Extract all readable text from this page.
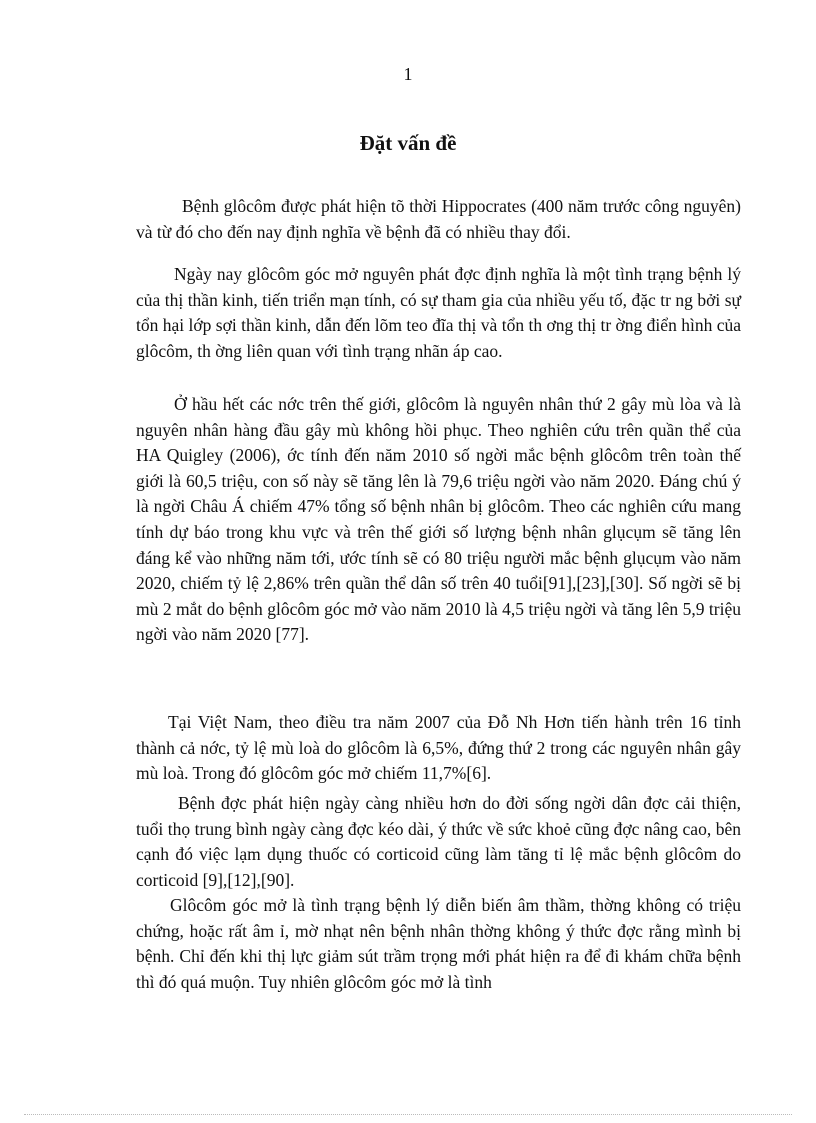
1
Đặt vấn đề

Bệnh glôcôm được phát hiện tõ thời Hippocrates (400 năm trước công nguyên) và từ đó cho đến nay định nghĩa về bệnh đã có nhiều thay đổi.

Ngày nay glôcôm góc mở nguyên phát đợc định nghĩa là một tình trạng bệnh lý của thị thần kinh, tiến triển mạn tính, có sự tham gia của nhiều yếu tố, đặc tr ng bởi sự tổn hại lớp sợi thần kinh, dẫn đến lõm teo đĩa thị và tổn th ơng thị tr ờng điển hình của glôcôm, th ờng liên quan với tình trạng nhãn áp cao.

Ở hầu hết các nớc trên thế giới, glôcôm là nguyên nhân thứ 2 gây mù lòa và là nguyên nhân hàng đầu gây mù không hồi phục. Theo nghiên cứu trên quần thể của HA Quigley (2006), ớc tính đến năm 2010 số ngời mắc bệnh glôcôm trên toàn thế giới là 60,5 triệu, con số này sẽ tăng lên là 79,6 triệu ngời vào năm 2020. Đáng chú ý là ngời Châu Á chiếm 47% tổng số bệnh nhân bị glôcôm. Theo các nghiên cứu mang tính dự báo trong khu vực và trên thế giới số lượng bệnh nhân glụcụm sẽ tăng lên đáng kể vào những năm tới, ước tính sẽ có 80 triệu người mắc bệnh glụcụm vào năm 2020, chiếm tỷ lệ 2,86% trên quần thể dân số trên 40 tuổi[91],[23],[30]. Số ngời sẽ bị mù 2 mắt do bệnh glôcôm góc mở vào năm 2010 là 4,5 triệu ngời và tăng lên 5,9 triệu ngời vào năm 2020 [77].

Tại Việt Nam, theo điều tra năm 2007 của Đỗ Nh Hơn tiến hành trên 16 tỉnh thành cả nớc, tỷ lệ mù loà do glôcôm là 6,5%, đứng thứ 2 trong các nguyên nhân gây mù loà. Trong đó glôcôm góc mở chiếm 11,7%[6].

Bệnh đợc phát hiện ngày càng nhiều hơn do đời sống ngời dân đợc cải thiện, tuổi thọ trung bình ngày càng đợc kéo dài, ý thức về sức khoẻ cũng đợc nâng cao, bên cạnh đó việc lạm dụng thuốc có corticoid cũng làm tăng tỉ lệ mắc bệnh glôcôm do corticoid [9],[12],[90].

Glôcôm góc mở là tình trạng bệnh lý diễn biến âm thầm, thờng không có triệu chứng, hoặc rất âm ỉ, mờ nhạt nên bệnh nhân thờng không ý thức đợc rằng mình bị bệnh. Chỉ đến khi thị lực giảm sút trầm trọng mới phát hiện ra để đi khám chữa bệnh thì đó quá muộn. Tuy nhiên glôcôm góc mở là tình
